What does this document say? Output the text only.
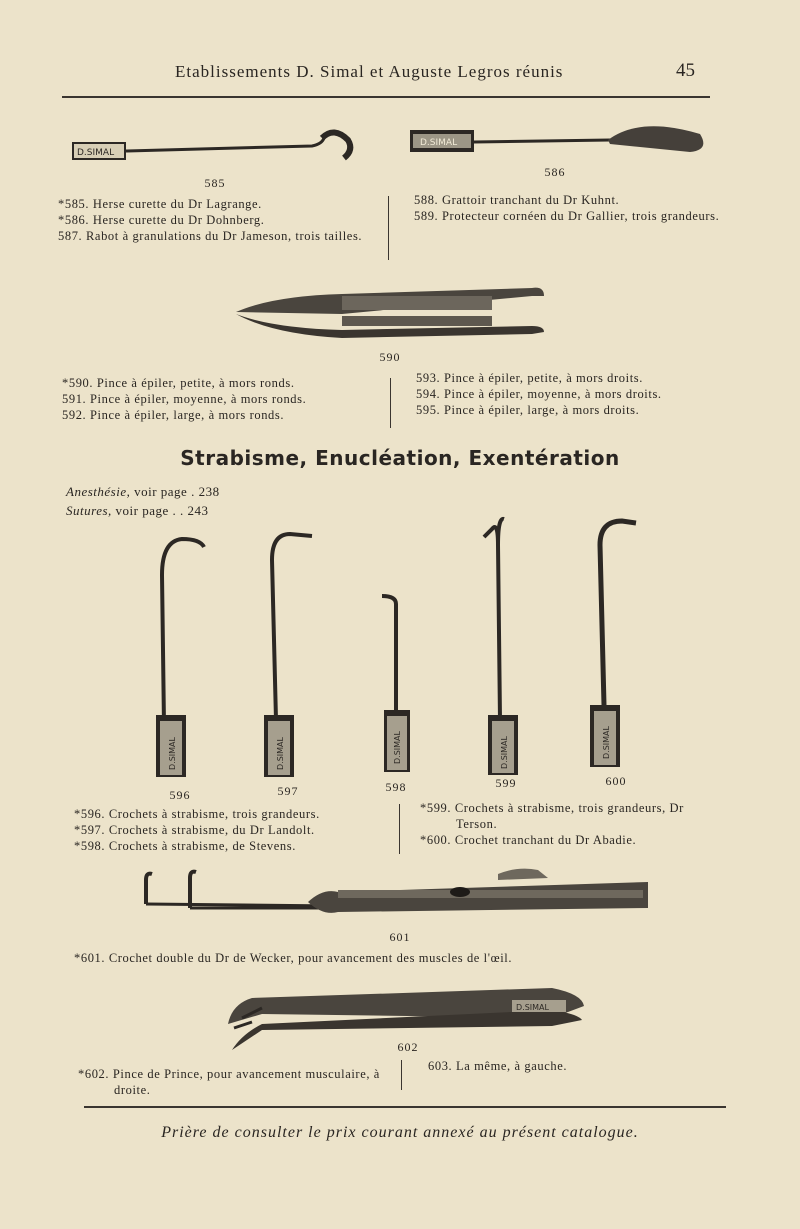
Etablissements D. Simal et Auguste Legros réunis	45
D.SIMAL
585
D.SIMAL
586
*585. Herse curette du Dr Lagrange.
*586. Herse curette du Dr Dohnberg.
587. Rabot à granulations du Dr Jameson, trois tailles.
588. Grattoir tranchant du Dr Kuhnt.
589. Protecteur cornéen du Dr Gallier, trois grandeurs.
590
*590. Pince à épiler, petite, à mors ronds.
591. Pince à épiler, moyenne, à mors ronds.
592. Pince à épiler, large, à mors ronds.
593. Pince à épiler, petite, à mors droits.
594. Pince à épiler, moyenne, à mors droits.
595. Pince à épiler, large, à mors droits.
Strabisme, Enucléation, Exentération
Anesthésie, voir page . 238
Sutures, voir page . . 243
D.SIMAL	D.SIMAL	D.SIMAL	D.SIMAL	D.SIMAL
596	597	598	599	600
*596. Crochets à strabisme, trois grandeurs.
*597. Crochets à strabisme, du Dr Landolt.
*598. Crochets à strabisme, de Stevens.
*599. Crochets à strabisme, trois grandeurs, Dr Terson.
*600. Crochet tranchant du Dr Abadie.
601
*601. Crochet double du Dr de Wecker, pour avancement des muscles de l'œil.
D.SIMAL
602
*602. Pince de Prince, pour avancement musculaire, à droite.
603. La même, à gauche.
Prière de consulter le prix courant annexé au présent catalogue.
